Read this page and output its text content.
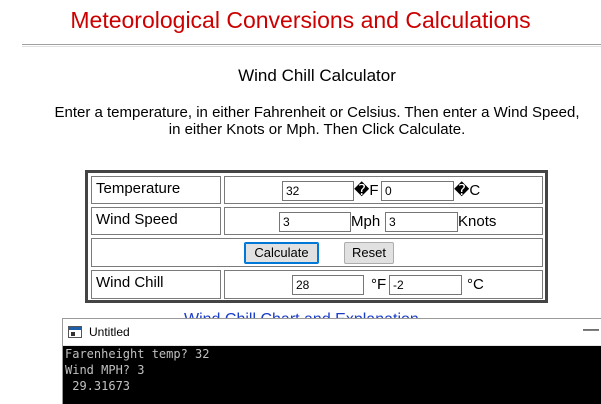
Meteorological Conversions and Calculations
Wind Chill Calculator
Enter a temperature, in either Fahrenheit or Celsius. Then enter a Wind Speed, in either Knots or Mph. Then Click Calculate.
Temperature	32	�F 0	�C
Wind Speed	3	Mph 3	Knots
Calculate	Reset
Wind Chill	28	°F -2	°C
Untitled	—
Farenheight temp? 32
Wind MPH? 3
29.31673
